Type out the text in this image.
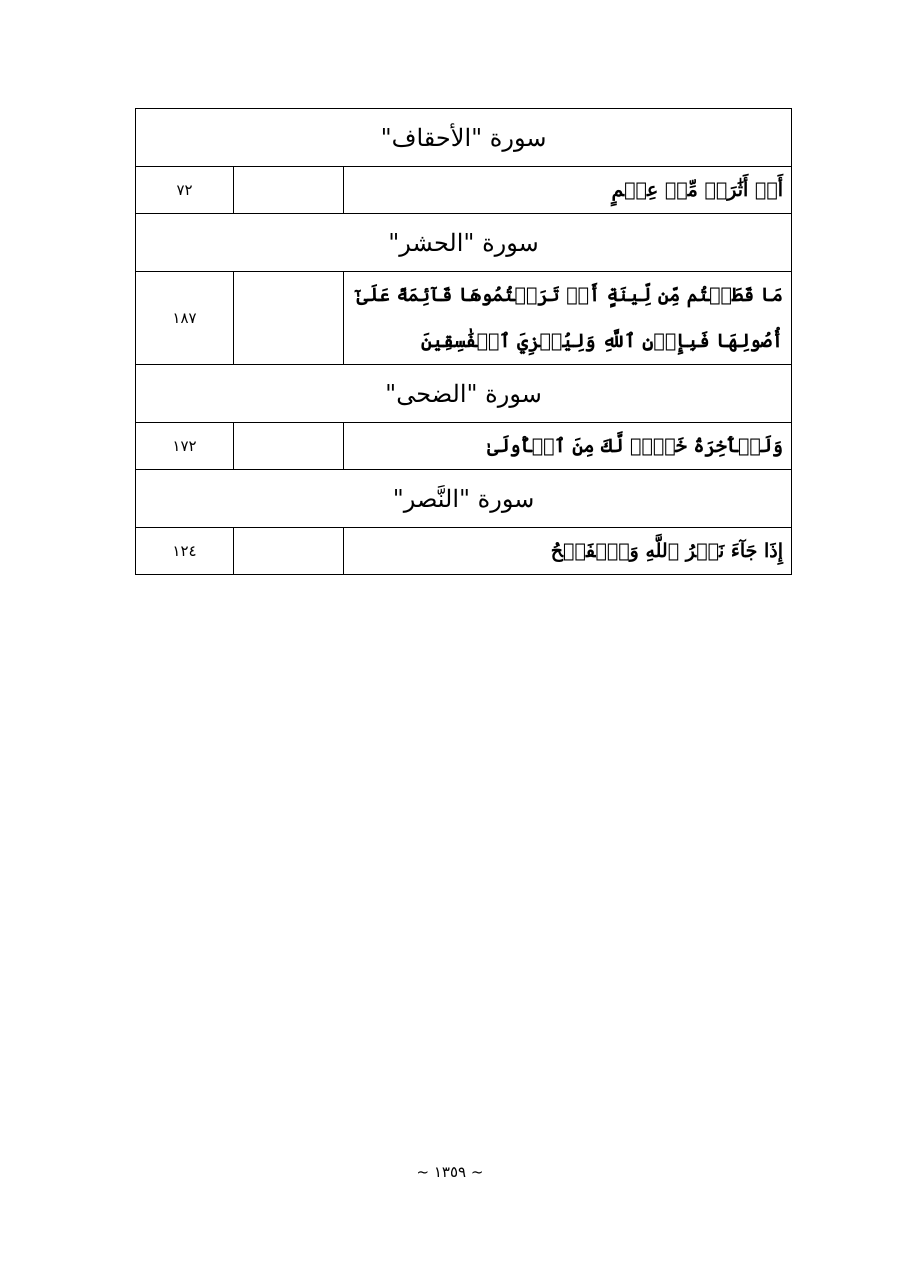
سورة "الأحقاف"		
أَوۡ أَثَٰرَةٖ مِّنۡ عِلۡمٍ		٧٢
سورة "الحشر"		
مَا قَطَعۡتُم مِّن لِّينَةٍ أَوۡ تَرَكۡتُمُوهَا قَآئِمَةً عَلَىٰٓ أُصُولِهَا فَبِإِذۡنِ ٱللَّهِ وَلِيُخۡزِيَ ٱلۡفَٰسِقِينَ		١٨٧
سورة "الضحى"		
وَلَلۡأٓخِرَةُ خَيۡرٞ لَّكَ مِنَ ٱلۡأُولَىٰ		١٧٢
سورة "النَّصر"		
إِذَا جَآءَ نَصۡرُ ٱللَّهِ وَٱلۡفَتۡحُ		١٢٤
~ ١٣٥٩ ~
